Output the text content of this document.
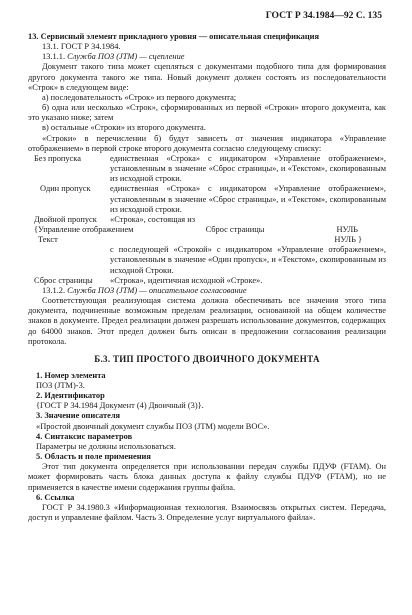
ГОСТ Р 34.1984—92 С. 135

13. Сервисный элемент прикладного уровня — описательная спецификация

13.1. ГОСТ Р 34.1984.

13.1.1. Служба ПОЗ (JTM) — сцепление

Документ такого типа может сцепляться с документами подобного типа для формирования другого документа такого же типа. Новый документ должен состоять из последовательности «Строк» в следующем виде:

а) последовательность «Строк» из первого документа;

б) одна или несколько «Строк», сформированных из первой «Строки» второго документа, как это указано ниже; затем

в) остальные «Строки» из второго документа.

«Строки» в перечислении б) будут зависеть от значения индикатора «Управление отображением» в первой строке второго документа согласно следующему списку:

Без пропуска	единственная «Строка» с индикатором «Управление отображением», установленным в значение «Сброс страницы», и «Текстом», скопированным из исходной строки.
Один пропуск	единственная «Строка» с индикатором «Управление отображением», установленным в значение «Сброс страницы», и «Текстом», скопированным из исходной строки.
Двойной пропуск	«Строка», состоящая из
{Управление отображением	Сброс страницы	НУЛЬ
Текст	НУЛЬ }
с последующей «Строкой» с индикатором «Управление отображением», установленным в значение «Один пропуск», и «Текстом», скопированным из исходной Строки.
Сброс страницы	«Строка», идентичная исходной «Строке».

13.1.2. Служба ПОЗ (JTM) — описательное согласование

Соответствующая реализующая система должна обеспечивать все значения этого типа документа, подчиненные возможным пределам реализации, основанной на общем количестве знаков в документе. Предел реализации должен разрешать использование документов, содержащих до 64000 знаков. Этот предел должен быть описан в предложении согласования реализации протокола.

Б.3. ТИП ПРОСТОГО ДВОИЧНОГО ДОКУМЕНТА

1. Номер элемента

ПОЗ (JTM)-3.

2. Идентификатор

{ГОСТ Р 34.1984 Документ (4) Двоичный (3)}.

3. Значение описателя

«Простой двоичный документ службы ПОЗ (JTM) модели ВОС».

4. Синтаксис параметров

Параметры не должны использоваться.

5. Область и поле применения

Этот тип документа определяется при использовании передач службы ПДУФ (FTAM). Он может формировать часть блока данных доступа к файлу службы ПДУФ (FTAM), но не применяется в качестве имени содержания группы файла.

6. Ссылка

ГОСТ Р 34.1980.3 «Информационная технология. Взаимосвязь открытых систем. Передача, доступ и управление файлом. Часть 3. Определение услуг виртуального файла».
